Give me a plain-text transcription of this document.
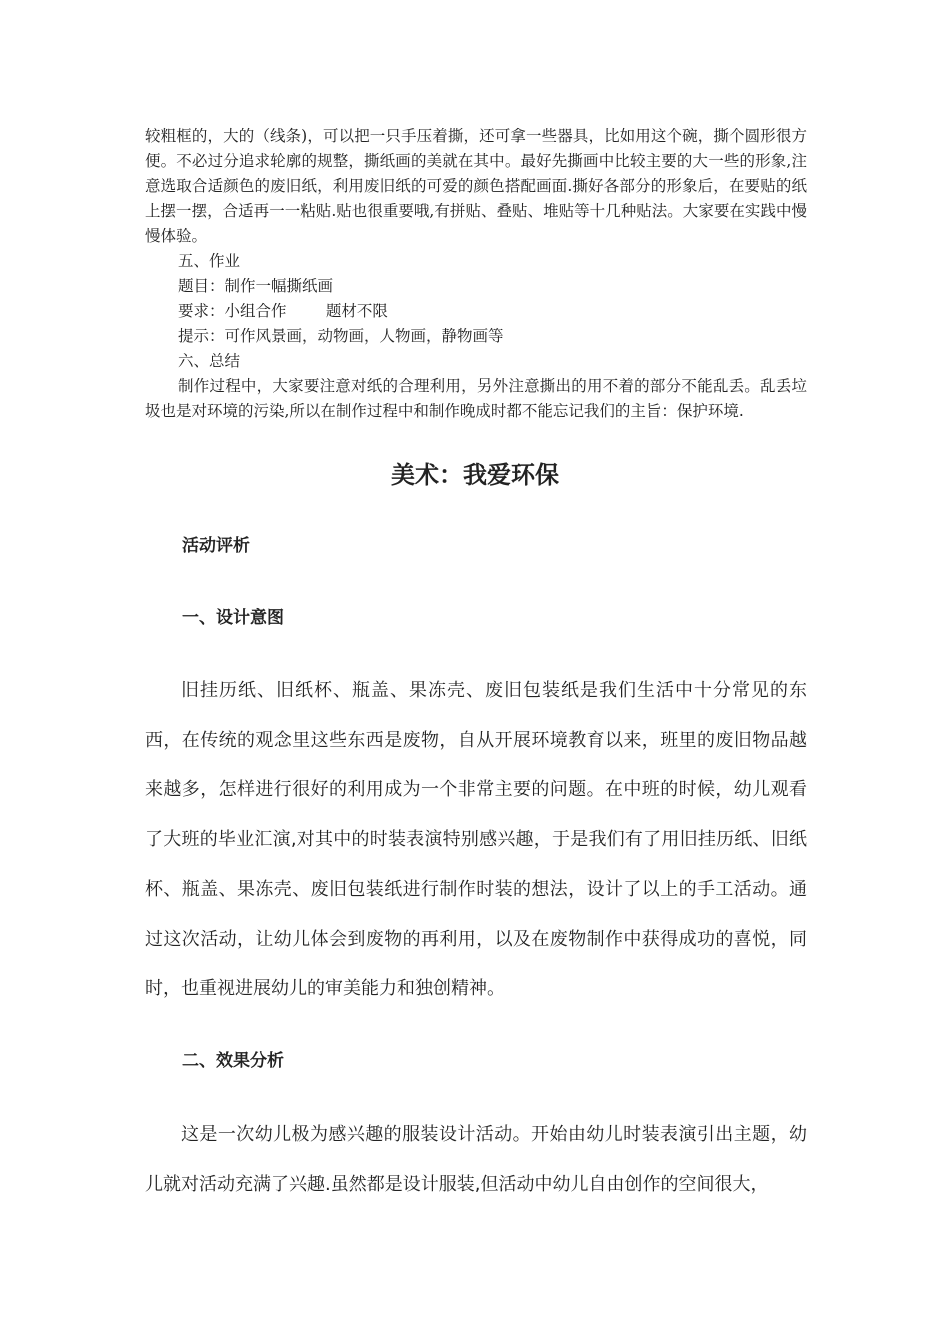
较粗框的，大的（线条)，可以把一只手压着撕，还可拿一些器具，比如用这个碗，撕个圆形很方便。不必过分追求轮廓的规整，撕纸画的美就在其中。最好先撕画中比较主要的大一些的形象,注意选取合适颜色的废旧纸，利用废旧纸的可爱的颜色搭配画面.撕好各部分的形象后，在要贴的纸上摆一摆，合适再一一粘贴.贴也很重要哦,有拼贴、叠贴、堆贴等十几种贴法。大家要在实践中慢慢体验。

五、作业

题目：制作一幅撕纸画

要求：小组合作        题材不限

提示：可作风景画，动物画，人物画，静物画等

六、总结

制作过程中，大家要注意对纸的合理利用，另外注意撕出的用不着的部分不能乱丢。乱丢垃圾也是对环境的污染,所以在制作过程中和制作晚成时都不能忘记我们的主旨：保护环境.

美术：我爱环保
活动评析
一、设计意图

旧挂历纸、旧纸杯、瓶盖、果冻壳、废旧包装纸是我们生活中十分常见的东西，在传统的观念里这些东西是废物，自从开展环境教育以来，班里的废旧物品越来越多，怎样进行很好的利用成为一个非常主要的问题。在中班的时候，幼儿观看了大班的毕业汇演,对其中的时装表演特别感兴趣，于是我们有了用旧挂历纸、旧纸杯、瓶盖、果冻壳、废旧包装纸进行制作时装的想法，设计了以上的手工活动。通过这次活动，让幼儿体会到废物的再利用，以及在废物制作中获得成功的喜悦，同时，也重视进展幼儿的审美能力和独创精神。

二、效果分析

这是一次幼儿极为感兴趣的服装设计活动。开始由幼儿时装表演引出主题，幼儿就对活动充满了兴趣.虽然都是设计服装,但活动中幼儿自由创作的空间很大，
